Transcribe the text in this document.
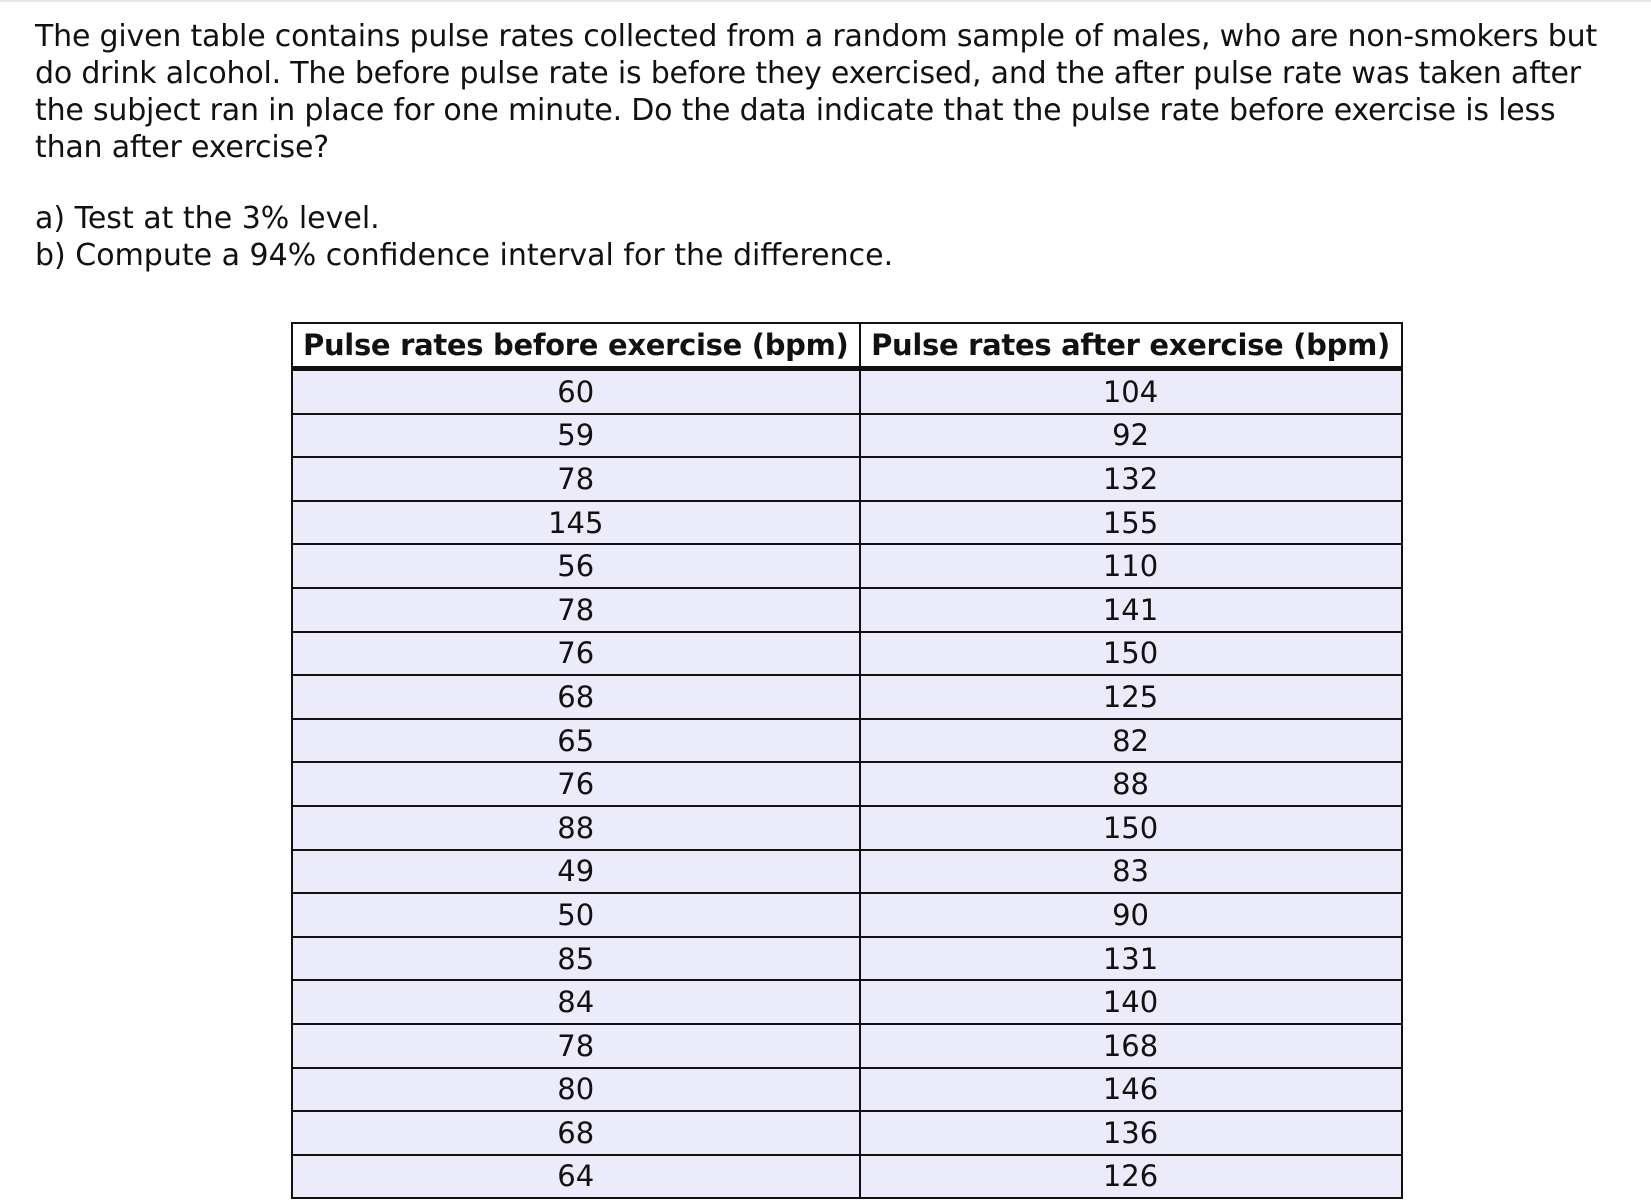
The given table contains pulse rates collected from a random sample of males, who are non-smokers but do drink alcohol. The before pulse rate is before they exercised, and the after pulse rate was taken after the subject ran in place for one minute. Do the data indicate that the pulse rate before exercise is less than after exercise?

a) Test at the 3% level.
b) Compute a 94% confidence interval for the difference.
Pulse rates before exercise (bpm)	Pulse rates after exercise (bpm)
60	104
59	92
78	132
145	155
56	110
78	141
76	150
68	125
65	82
76	88
88	150
49	83
50	90
85	131
84	140
78	168
80	146
68	136
64	126
